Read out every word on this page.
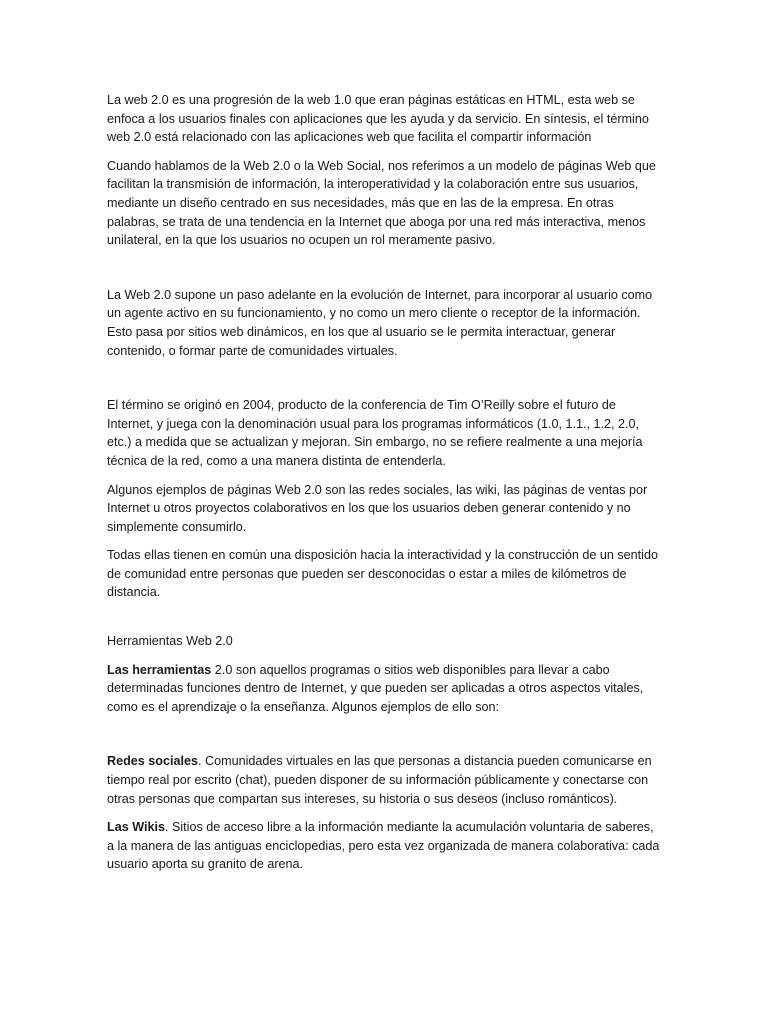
La web 2.0 es una progresión de la web 1.0 que eran páginas estáticas en HTML, esta web se enfoca a los usuarios finales con aplicaciones que les ayuda y da servicio. En síntesis, el término web 2.0 está relacionado con las aplicaciones web que facilita el compartir información

Cuando hablamos de la Web 2.0 o la Web Social, nos referimos a un modelo de páginas Web que facilitan la transmisión de información, la interoperatividad y la colaboración entre sus usuarios, mediante un diseño centrado en sus necesidades, más que en las de la empresa. En otras palabras, se trata de una tendencia en la Internet que aboga por una red más interactiva, menos unilateral, en la que los usuarios no ocupen un rol meramente pasivo.

La Web 2.0 supone un paso adelante en la evolución de Internet, para incorporar al usuario como un agente activo en su funcionamiento, y no como un mero cliente o receptor de la información. Esto pasa por sitios web dinámicos, en los que al usuario se le permita interactuar, generar contenido, o formar parte de comunidades virtuales.

El término se originó en 2004, producto de la conferencia de Tim O’Reilly sobre el futuro de Internet, y juega con la denominación usual para los programas informáticos (1.0, 1.1., 1.2, 2.0, etc.) a medida que se actualizan y mejoran. Sin embargo, no se refiere realmente a una mejoría técnica de la red, como a una manera distinta de entenderla.

Algunos ejemplos de páginas Web 2.0 son las redes sociales, las wiki, las páginas de ventas por Internet u otros proyectos colaborativos en los que los usuarios deben generar contenido y no simplemente consumirlo.

Todas ellas tienen en común una disposición hacia la interactividad y la construcción de un sentido de comunidad entre personas que pueden ser desconocidas o estar a miles de kilómetros de distancia.

Herramientas Web 2.0

Las herramientas 2.0 son aquellos programas o sitios web disponibles para llevar a cabo determinadas funciones dentro de Internet, y que pueden ser aplicadas a otros aspectos vitales, como es el aprendizaje o la enseñanza. Algunos ejemplos de ello son:

Redes sociales. Comunidades virtuales en las que personas a distancia pueden comunicarse en tiempo real por escrito (chat), pueden disponer de su información públicamente y conectarse con otras personas que compartan sus intereses, su historia o sus deseos (incluso románticos).

Las Wikis. Sitios de acceso libre a la información mediante la acumulación voluntaria de saberes, a la manera de las antiguas enciclopedias, pero esta vez organizada de manera colaborativa: cada usuario aporta su granito de arena.
